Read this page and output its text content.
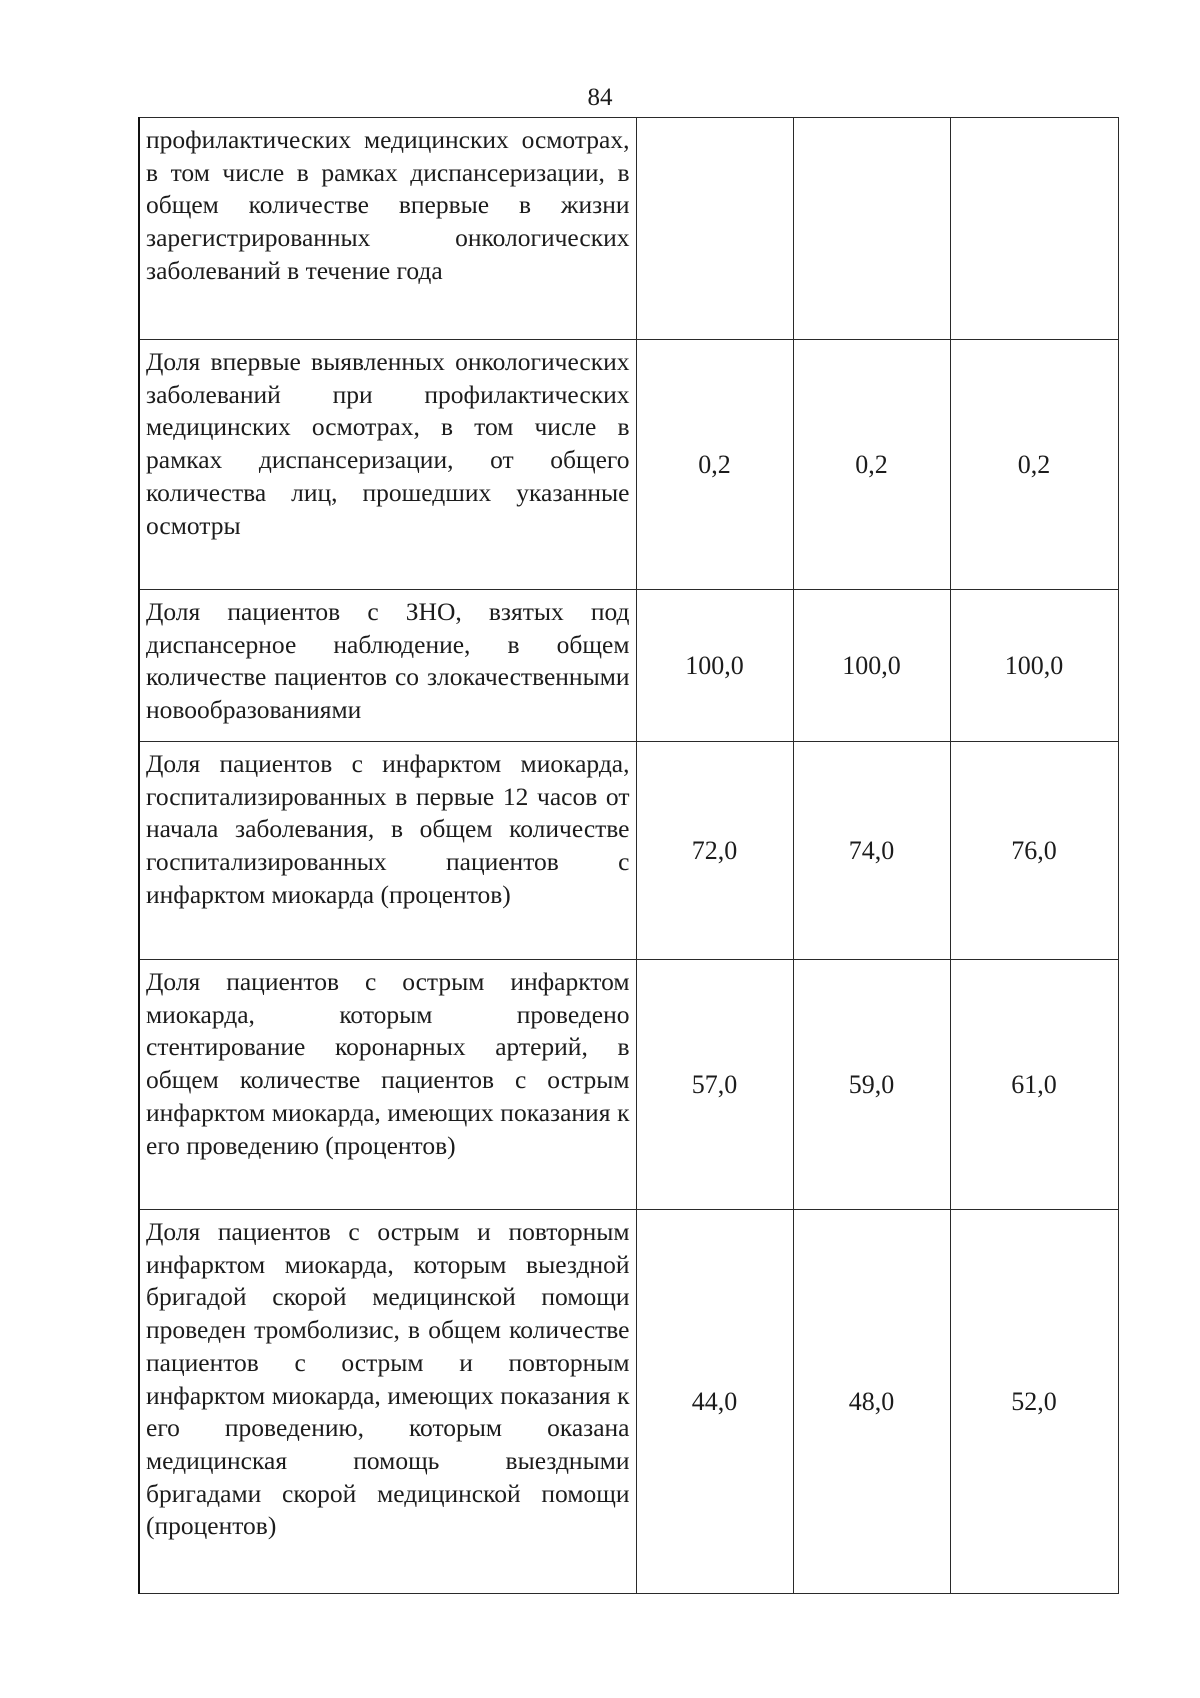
84
профилактических медицинских осмотрах, в том числе в рамках диспансеризации, в общем количестве впервые в жизни зарегистрированных онкологических заболеваний в течение года			
Доля впервые выявленных онкологических заболеваний при профилактических медицинских осмотрах, в том числе в рамках диспансеризации, от общего количества лиц, прошедших указанные осмотры	0,2	0,2	0,2
Доля пациентов с ЗНО, взятых под диспансерное наблюдение, в общем количестве пациентов со злокачественными новообразованиями	100,0	100,0	100,0
Доля пациентов с инфарктом миокарда, госпитализированных в первые 12 часов от начала заболевания, в общем количестве госпитализированных пациентов с инфарктом миокарда (процентов)	72,0	74,0	76,0
Доля пациентов с острым инфарктом миокарда, которым проведено стентирование коронарных артерий, в общем количестве пациентов с острым инфарктом миокарда, имеющих показания к его проведению (процентов)	57,0	59,0	61,0
Доля пациентов с острым и повторным инфарктом миокарда, которым выездной бригадой скорой медицинской помощи проведен тромболизис, в общем количестве пациентов с острым и повторным инфарктом миокарда, имеющих показания к его проведению, которым оказана медицинская помощь выездными бригадами скорой медицинской помощи (процентов)	44,0	48,0	52,0
